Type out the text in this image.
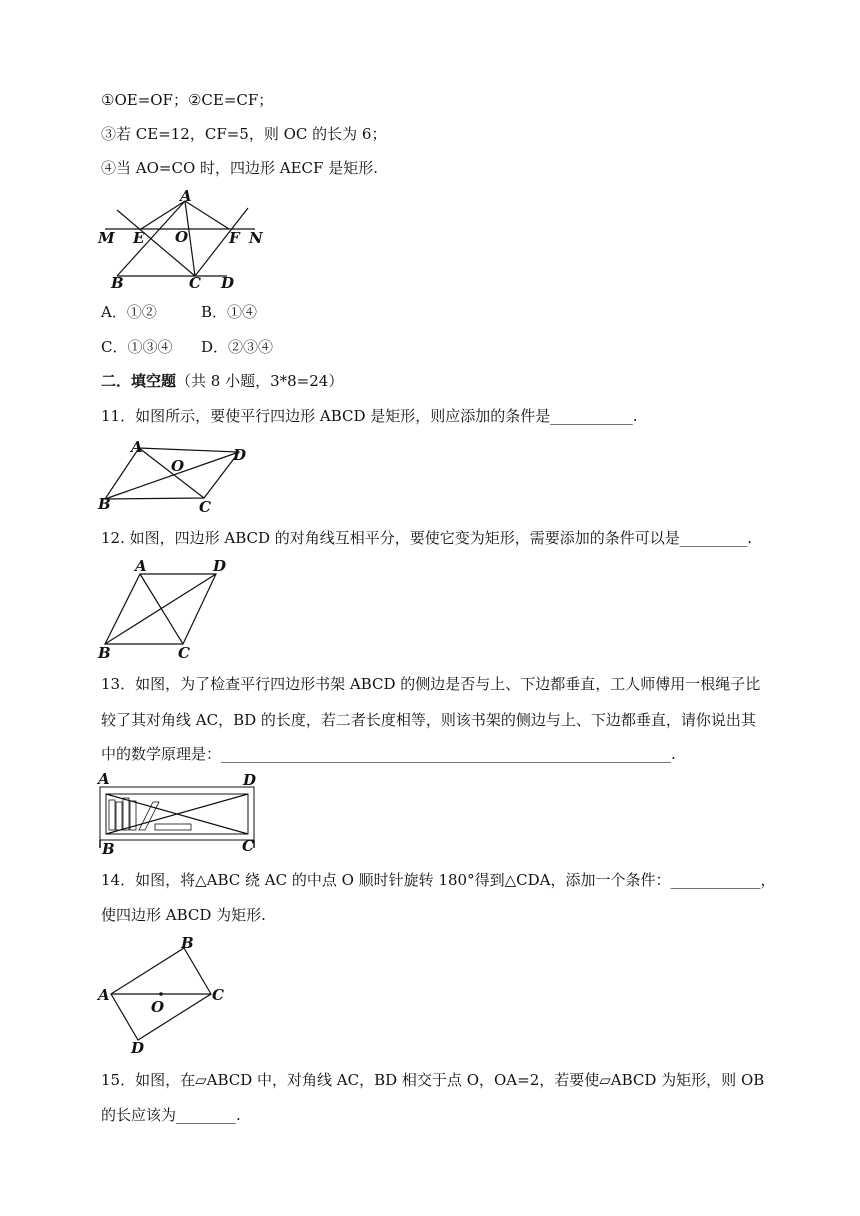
①OE=OF；②CE=CF；
③若 CE=12，CF=5，则 OC 的长为 6；
④当 AO=CO 时，四边形 AECF 是矩形.
A
M E O	F N
B	C D
A．①②	B．①④
C．①③④ D．②③④
二．填空题（共 8 小题，3*8=24）
11．如图所示，要使平行四边形 ABCD 是矩形，则应添加的条件是___________.
A
O
D
B	C
12. 如图，四边形 ABCD 的对角线互相平分，要使它变为矩形，需要添加的条件可以是_________.
A	D
B	C
13．如图，为了检查平行四边形书架 ABCD 的侧边是否与上、下边都垂直，工人师傅用一根绳子比
较了其对角线 AC，BD 的长度，若二者长度相等，则该书架的侧边与上、下边都垂直，请你说出其
中的数学原理是：____________________________________________________________.
A	D
B	C
14．如图，将△ABC 绕 AC 的中点 O 顺时针旋转 180°得到△CDA，添加一个条件：____________，
使四边形 ABCD 为矩形.
B
A	C
O
D
15．如图，在▱ABCD 中，对角线 AC，BD 相交于点 O，OA=2，若要使▱ABCD 为矩形，则 OB
的长应该为________.
